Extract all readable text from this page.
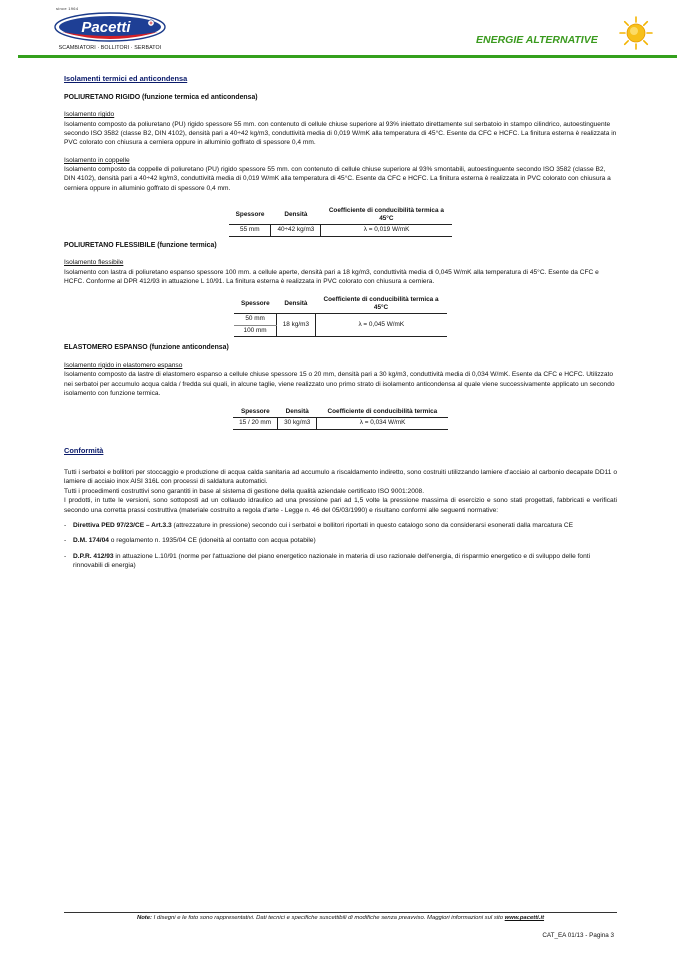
since 1964
Pacetti
SCAMBIATORI · BOLLITORI · SERBATOI
ENERGIE ALTERNATIVE

Isolamenti termici ed anticondensa

POLIURETANO RIGIDO (funzione termica ed anticondensa)

Isolamento rigido

Isolamento composto da poliuretano (PU) rigido spessore 55 mm. con contenuto di cellule chiuse superiore al 93% iniettato direttamente sul serbatoio in stampo cilindrico, autoestinguente secondo ISO 3582 (classe B2, DIN 4102), densità pari a 40÷42 kg/m3, conduttività media di 0,019 W/mK alla temperatura di 45°C. Esente da CFC e HCFC. La finitura esterna è realizzata in PVC colorato con chiusura a cerniera oppure in alluminio goffrato di spessore 0,4 mm.

Isolamento in coppelle

Isolamento composto da coppelle di poliuretano (PU) rigido spessore 55 mm. con contenuto di cellule chiuse superiore al 93% smontabili, autoestinguente secondo ISO 3582 (classe B2, DIN 4102), densità pari a 40÷42 kg/m3, conduttività media di 0,019 W/mK alla temperatura di 45°C. Esente da CFC e HCFC. La finitura esterna è realizzata in PVC colorato con chiusura a cerniera oppure in alluminio goffrato di spessore 0,4 mm.

Spessore	Densità	Coefficiente di conducibilità termica a 45°C
55 mm	40÷42 kg/m3	λ = 0,019 W/mK

POLIURETANO FLESSIBILE (funzione termica)

Isolamento flessibile

Isolamento con lastra di poliuretano espanso spessore 100 mm. a cellule aperte, densità pari a 18 kg/m3, conduttività media di 0,045 W/mK alla temperatura di 45°C. Esente da CFC e HCFC. Conforme al DPR 412/93 in attuazione L 10/91. La finitura esterna è realizzata in PVC colorato con chiusura a cerniera.

Spessore	Densità	Coefficiente di conducibilità termica a 45°C
50 mm	18 kg/m3	λ = 0,045 W/mK
100 mm		

ELASTOMERO ESPANSO (funzione anticondensa)

Isolamento rigido in elastomero espanso

Isolamento composto da lastre di elastomero espanso a cellule chiuse spessore 15 o 20 mm, densità pari a 30 kg/m3, conduttività media di 0,034 W/mK. Esente da CFC e HCFC. Utilizzato nei serbatoi per accumulo acqua calda / fredda sui quali, in alcune taglie, viene realizzato uno primo strato di isolamento anticondensa al quale viene successivamente applicato un secondo isolamento con funzione termica.

Spessore	Densità	Coefficiente di conducibilità termica
15 / 20 mm	30 kg/m3	λ = 0,034 W/mK

Conformità

Tutti i serbatoi e bollitori per stoccaggio e produzione di acqua calda sanitaria ad accumulo a riscaldamento indiretto, sono costruiti utilizzando lamiere d'acciaio al carbonio decapate DD11 o lamiere di acciaio inox AISI 316L con processi di saldatura automatici.

Tutti i procedimenti costruttivi sono garantiti in base al sistema di gestione della qualità aziendale certificato ISO 9001:2008.

I prodotti, in tutte le versioni, sono sottoposti ad un collaudo idraulico ad una pressione pari ad 1,5 volte la pressione massima di esercizio e sono stati progettati, fabbricati e verificati secondo una corretta prassi costruttiva (materiale costruito a regola d'arte - Legge n. 46 del 05/03/1990) e risultano conformi alle seguenti normative:

- Direttiva PED 97/23/CE – Art.3.3 (attrezzature in pressione) secondo cui i serbatoi e bollitori riportati in questo catalogo sono da considerarsi esonerati dalla marcatura CE
- D.M. 174/04 o regolamento n. 1935/04 CE (idoneità al contatto con acqua potabile)
- D.P.R. 412/93 in attuazione L.10/91 (norme per l'attuazione del piano energetico nazionale in materia di uso razionale dell'energia, di risparmio energetico e di sviluppo delle fonti rinnovabili di energia)
Note: I disegni e le foto sono rappresentativi. Dati tecnici e specifiche suscettibili di modifiche senza preavviso. Maggiori informazioni sul sito www.pacetti.it
CAT_EA 01/13 - Pagina 3
